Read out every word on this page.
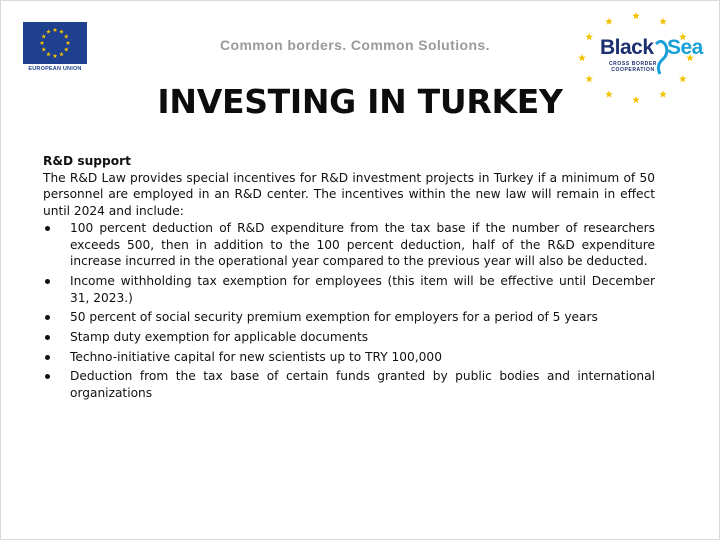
EUROPEAN UNION
Common borders. Common Solutions.	Black Sea
CROSS BORDER
COOPERATION
INVESTING IN TURKEY
R&D support
The R&D Law provides special incentives for R&D investment projects in Turkey if a minimum of 50 personnel are employed in an R&D center. The incentives within the new law will remain in effect until 2024 and include:
100 percent deduction of R&D expenditure from the tax base if the number of researchers exceeds 500, then in addition to the 100 percent deduction, half of the R&D expenditure increase incurred in the operational year compared to the previous year will also be deducted.
Income withholding tax exemption for employees (this item will be effective until December 31, 2023.)
50 percent of social security premium exemption for employers for a period of 5 years
Stamp duty exemption for applicable documents
Techno-initiative capital for new scientists up to TRY 100,000
Deduction from the tax base of certain funds granted by public bodies and international organizations
